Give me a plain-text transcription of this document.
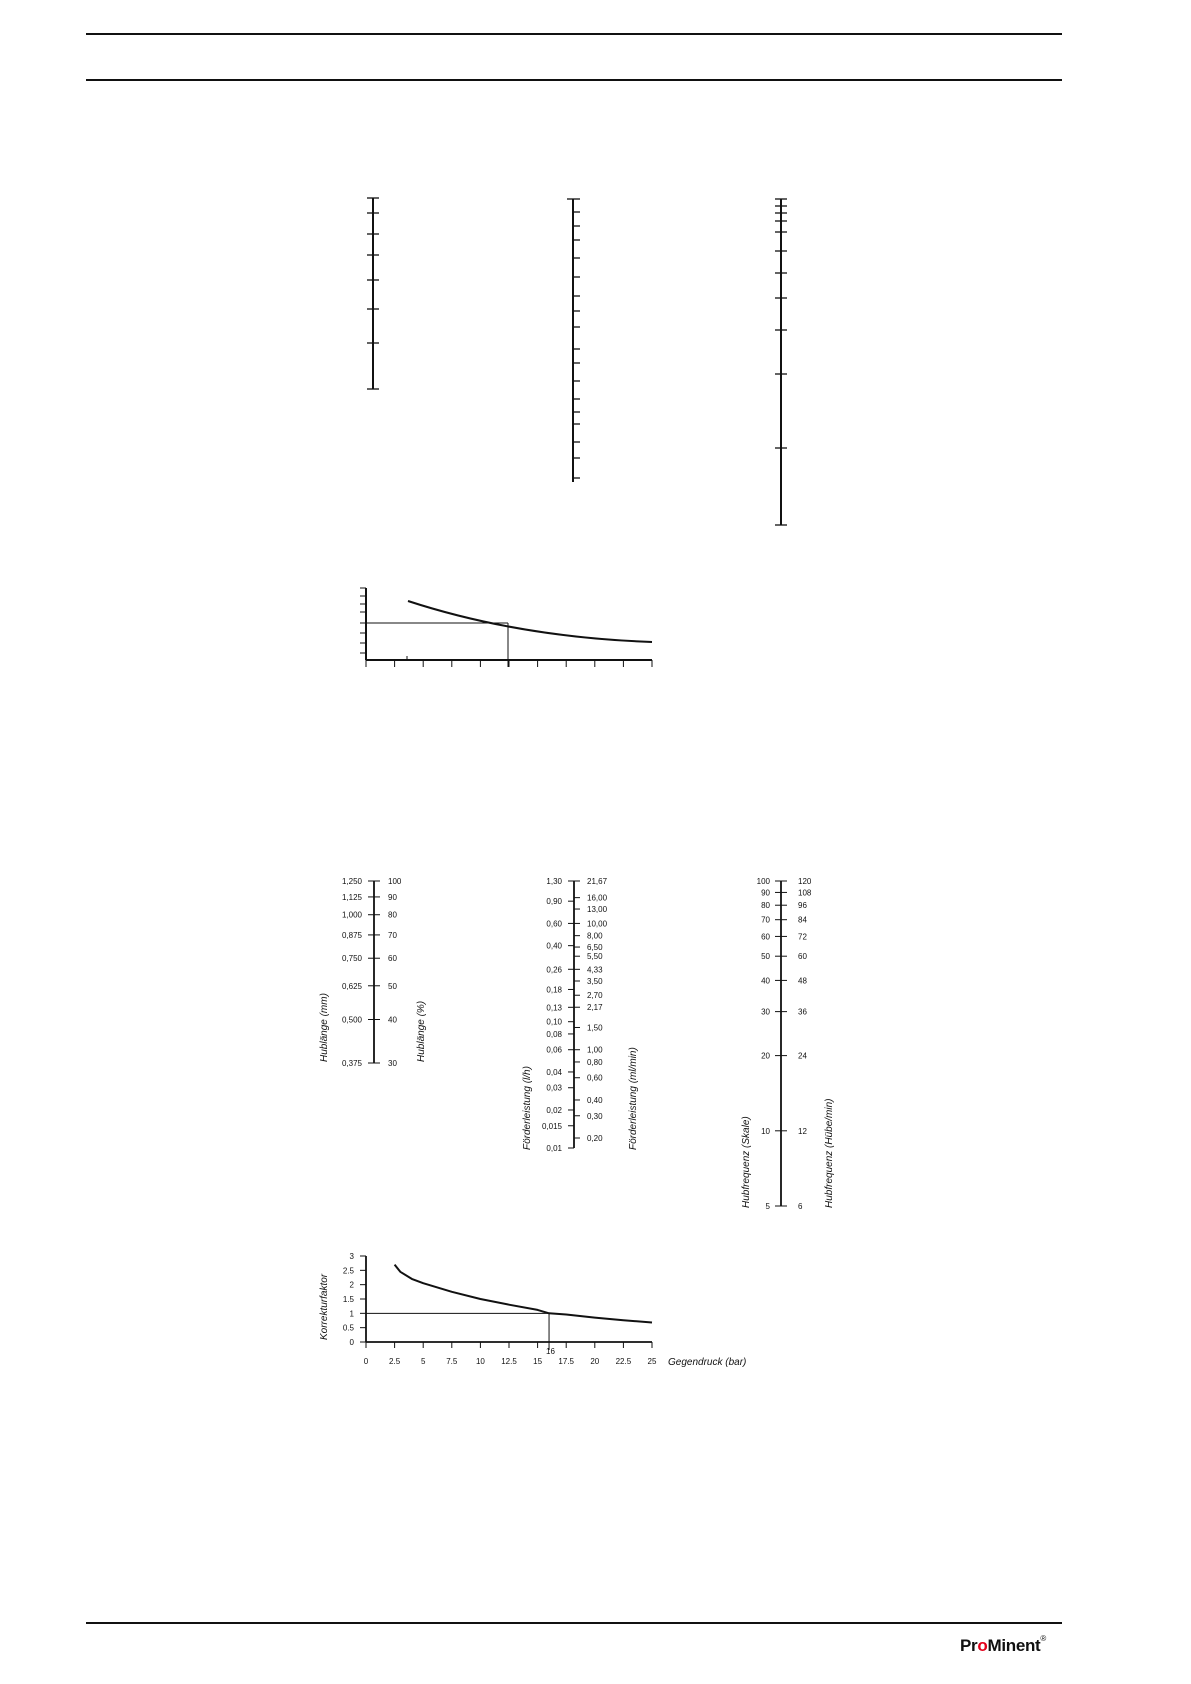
1,250	100
1,125	90
1,000	80
0,875	70
0,750	60
0,625	50
0,500	40
0,375	30
Hublänge (mm)	Hublänge (%)
1,30
0,90
0,60
0,40
0,26
0,18
0,13
0,10
0,08
0,06
0,04
0,03
0,02
0,015
0,01
21,67
16,00
13,00
10,00
8,00
6,50
5,50
4,33
3,50
2,70
2,17
1,50
1,00
0,80
0,60
0,40
0,30
0,20
Förderleistung (l/h)	Förderleistung (ml/min)
100	120
90	108
80	96
70	84
60	72
50	60
40	48
30	36
20	24
10	12
5	6
Hubfrequenz (Skale)	Hubfrequenz (Hübe/min)
3
2.5
2
1.5
1
0.5
0
0	2.5	5	7.5 10 12.5 15 17.5 20 22.5 25
Korrekturfaktor
Gegendruck (bar)
16
ProMinent®
